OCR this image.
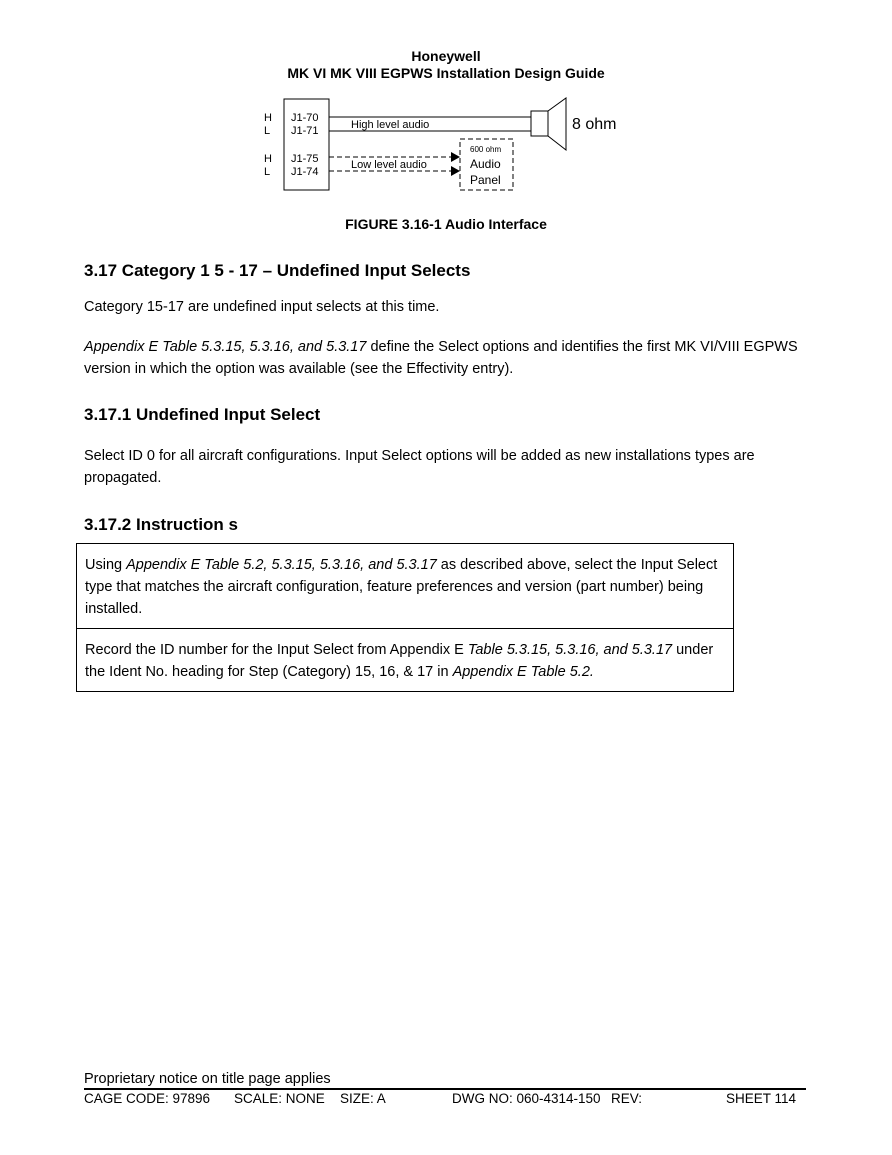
Honeywell
MK VI MK VIII EGPWS Installation Design Guide
H
L
H
L
J1-70
J1-71
J1-75
J1-74
High level audio	8 ohm
Low level audio
600 ohm
Audio
Panel
FIGURE 3.16-1 Audio Interface
3.17 Category 1 5 - 17 – Undefined Input Selects
Category 15-17 are undefined input selects at this time.
Appendix E Table 5.3.15, 5.3.16, and 5.3.17 define the Select options and identifies the first MK VI/VIII EGPWS version in which the option was available (see the Effectivity entry).
3.17.1 Undefined Input Select
Select ID 0 for all aircraft configurations. Input Select options will be added as new installations types are propagated.
3.17.2 Instruction s
Using Appendix E Table 5.2, 5.3.15, 5.3.16, and 5.3.17 as described above, select the Input Select type that matches the aircraft configuration, feature preferences and version (part number) being installed.
Record the ID number for the Input Select from Appendix E Table 5.3.15, 5.3.16, and 5.3.17 under the Ident No. heading for Step (Category) 15, 16, & 17 in Appendix E Table 5.2.
Proprietary notice on title page applies
CAGE CODE: 97896 SCALE: NONE SIZE: A	DWG NO: 060-4314-150 REV:	SHEET 114
